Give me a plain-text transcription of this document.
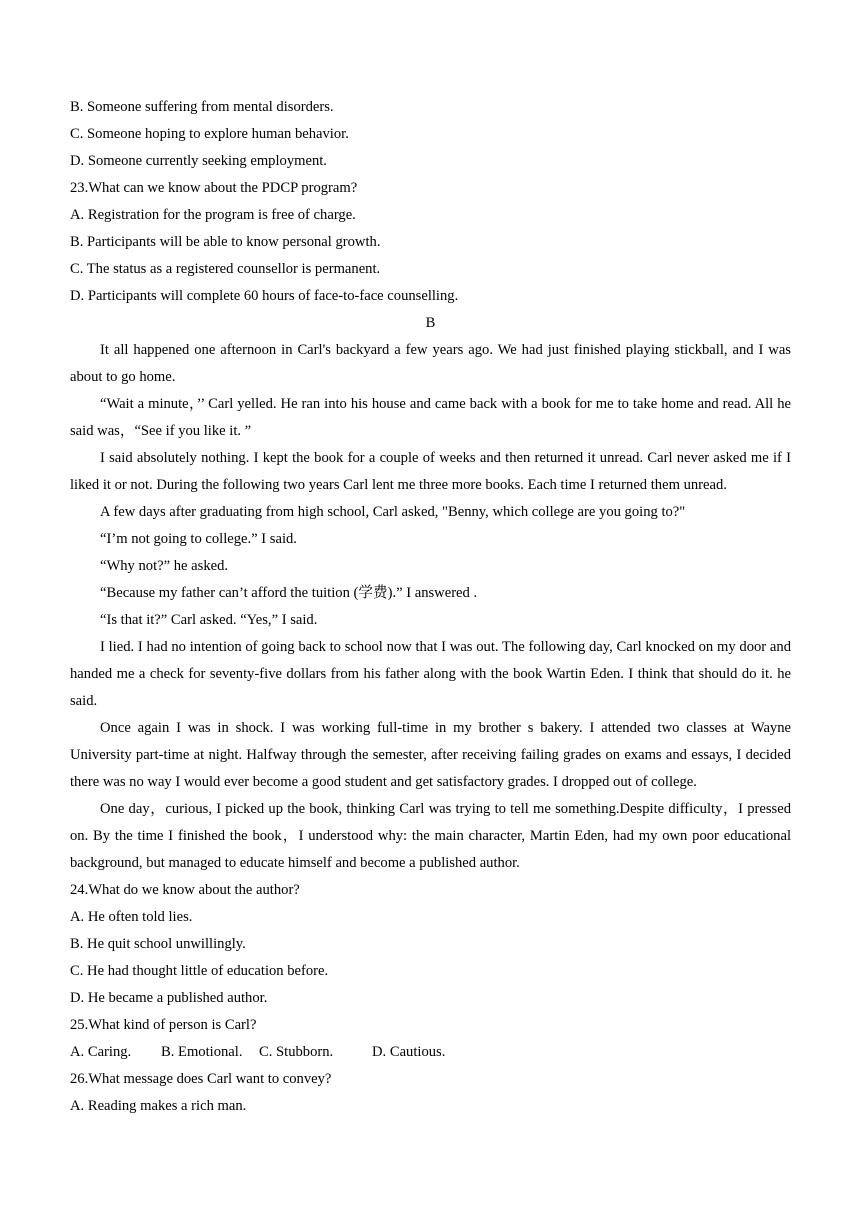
B. Someone suffering from mental disorders.

C. Someone hoping to explore human behavior.

D. Someone currently seeking employment.

23.What can we know about the PDCP program?

A. Registration for the program is free of charge.

B. Participants will be able to know personal growth.

C. The status as a registered counsellor is permanent.

D. Participants will complete 60 hours of face-to-face counselling.

B

It all happened one afternoon in Carl's backyard a few years ago. We had just finished playing stickball, and I was about to go home.

“Wait a minute，’’ Carl yelled. He ran into his house and came back with a book for me to take home and read. All he said was，“See if you like it. ”

I said absolutely nothing. I kept the book for a couple of weeks and then returned it unread. Carl never asked me if I liked it or not. During the following two years Carl lent me three more books. Each time I returned them unread.

A few days after graduating from high school, Carl asked, "Benny, which college are you going to?"

“I’m not going to college.” I said.

“Why not?” he asked.

“Because my father can’t afford the tuition (学费).” I answered .

“Is that it?” Carl asked. “Yes,” I said.

I lied. I had no intention of going back to school now that I was out. The following day, Carl knocked on my door and handed me a check for seventy-five dollars from his father along with the book Wartin Eden. I think that should do it. he said.

Once again I was in shock. I was working full-time in my brother s bakery. I attended two classes at Wayne University part-time at night. Halfway through the semester, after receiving failing grades on exams and essays, I decided there was no way I would ever become a good student and get satisfactory grades. I dropped out of college.

One day，curious, I picked up the book, thinking Carl was trying to tell me something.Despite difficulty，I pressed on. By the time I finished the book，I understood why: the main character, Martin Eden, had my own poor educational background, but managed to educate himself and become a published author.

24.What do we know about the author?

A. He often told lies.

B. He quit school unwillingly.

C. He had thought little of education before.

D. He became a published author.

25.What kind of person is Carl?

A. Caring. B. Emotional. C. Stubborn.	D. Cautious.

26.What message does Carl want to convey?

A. Reading makes a rich man.
